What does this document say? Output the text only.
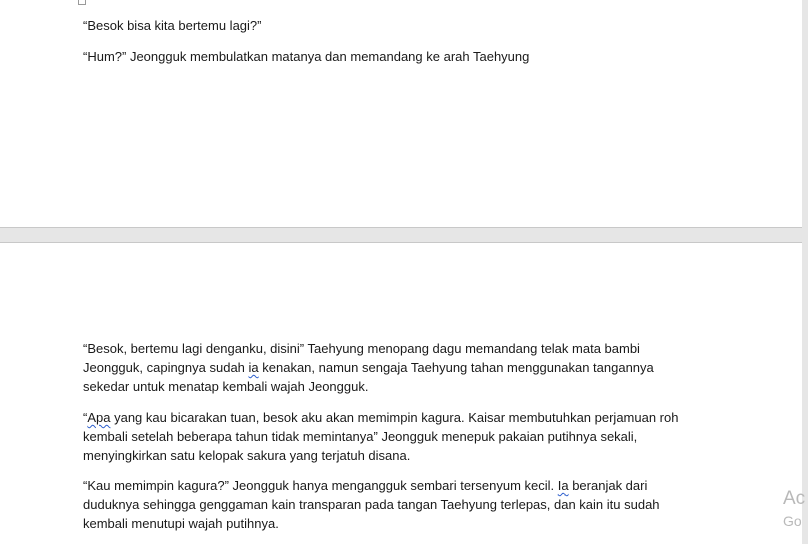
“Besok bisa kita bertemu lagi?”

“Hum?” Jeongguk membulatkan matanya dan memandang ke arah Taehyung

“Besok, bertemu lagi denganku, disini” Taehyung menopang dagu memandang telak mata bambi
Jeongguk, capingnya sudah ia kenakan, namun sengaja Taehyung tahan menggunakan tangannya
sekedar untuk menatap kembali wajah Jeongguk.

“Apa yang kau bicarakan tuan, besok aku akan memimpin kagura. Kaisar membutuhkan perjamuan roh
kembali setelah beberapa tahun tidak memintanya” Jeongguk menepuk pakaian putihnya sekali,
menyingkirkan satu kelopak sakura yang terjatuh disana.

“Kau memimpin kagura?” Jeongguk hanya mengangguk sembari tersenyum kecil. Ia beranjak dari
duduknya sehingga genggaman kain transparan pada tangan Taehyung terlepas, dan kain itu sudah
kembali menutupi wajah putihnya.

Ac
Go
